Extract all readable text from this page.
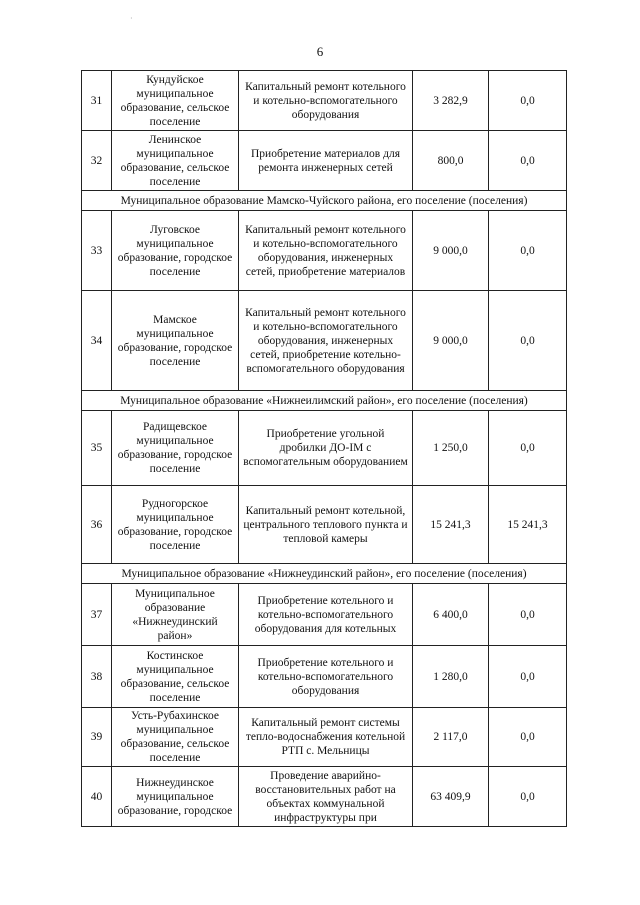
·
6
31	Кундуйское муниципальное образование, сельское поселение	Капитальный ремонт котельного и котельно-вспомогательного оборудования	3 282,9	0,0
32	Ленинское муниципальное образование, сельское поселение	Приобретение материалов для ремонта инженерных сетей	800,0	0,0
Муниципальное образование Мамско-Чуйского района, его поселение (поселения)				
33	Луговское муниципальное образование, городское поселение	Капитальный ремонт котельного и котельно-вспомогательного оборудования, инженерных сетей, приобретение материалов	9 000,0	0,0
34	Мамское муниципальное образование, городское поселение	Капитальный ремонт котельного и котельно-вспомогательного оборудования, инженерных сетей, приобретение котельно-вспомогательного оборудования	9 000,0	0,0
Муниципальное образование «Нижнеилимский район», его поселение (поселения)				
35	Радищевское муниципальное образование, городское поселение	Приобретение угольной дробилки ДО-IM с вспомогательным оборудованием	1 250,0	0,0
36	Рудногорское муниципальное образование, городское поселение	Капитальный ремонт котельной, центрального теплового пункта и тепловой камеры	15 241,3	15 241,3
Муниципальное образование «Нижнеудинский район», его поселение (поселения)				
37	Муниципальное образование «Нижнеудинский район»	Приобретение котельного и котельно-вспомогательного оборудования для котельных	6 400,0	0,0
38	Костинское муниципальное образование, сельское поселение	Приобретение котельного и котельно-вспомогательного оборудования	1 280,0	0,0
39	Усть-Рубахинское муниципальное образование, сельское поселение	Капитальный ремонт системы тепло-водоснабжения котельной РТП с. Мельницы	2 117,0	0,0
40	Нижнеудинское муниципальное образование, городское	Проведение аварийно-восстановительных работ на объектах коммунальной инфраструктуры при	63 409,9	0,0
